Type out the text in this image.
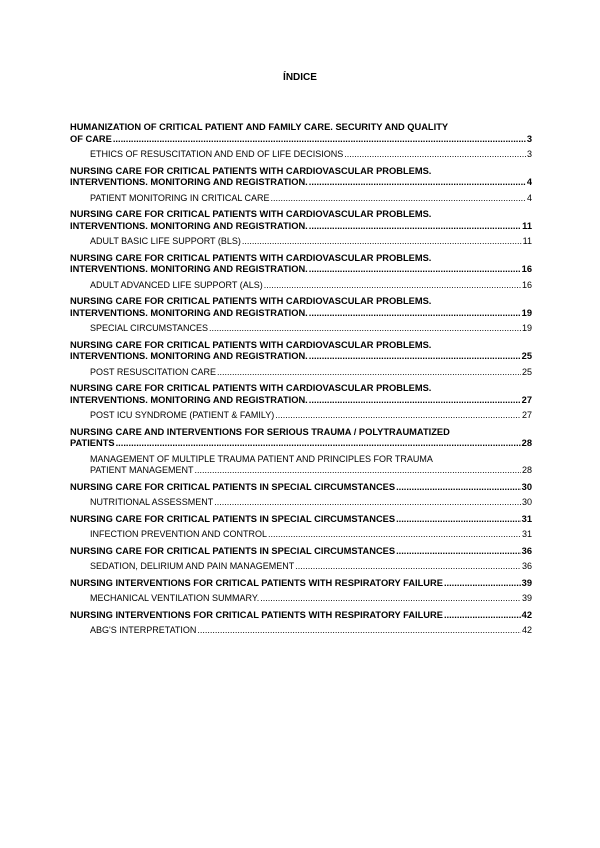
ÍNDICE
HUMANIZATION OF CRITICAL PATIENT AND FAMILY CARE. SECURITY AND QUALITY
OF CARE .....	3
ETHICS OF RESUSCITATION AND END OF LIFE DECISIONS .....	3
NURSING CARE FOR CRITICAL PATIENTS WITH CARDIOVASCULAR PROBLEMS.
INTERVENTIONS. MONITORING AND REGISTRATION. .....	4
PATIENT MONITORING IN CRITICAL CARE .....	4
NURSING CARE FOR CRITICAL PATIENTS WITH CARDIOVASCULAR PROBLEMS.
INTERVENTIONS. MONITORING AND REGISTRATION. .....	11
ADULT BASIC LIFE SUPPORT (BLS) .....	11
NURSING CARE FOR CRITICAL PATIENTS WITH CARDIOVASCULAR PROBLEMS.
INTERVENTIONS. MONITORING AND REGISTRATION. .....	16
ADULT ADVANCED LIFE SUPPORT (ALS) .....	16
NURSING CARE FOR CRITICAL PATIENTS WITH CARDIOVASCULAR PROBLEMS.
INTERVENTIONS. MONITORING AND REGISTRATION. .....	19
SPECIAL CIRCUMSTANCES .....	19
NURSING CARE FOR CRITICAL PATIENTS WITH CARDIOVASCULAR PROBLEMS.
INTERVENTIONS. MONITORING AND REGISTRATION. .....	25
POST RESUSCITATION CARE .....	25
NURSING CARE FOR CRITICAL PATIENTS WITH CARDIOVASCULAR PROBLEMS.
INTERVENTIONS. MONITORING AND REGISTRATION. .....	27
POST ICU SYNDROME (PATIENT & FAMILY) .....	27
NURSING CARE AND INTERVENTIONS FOR SERIOUS TRAUMA / POLYTRAUMATIZED
PATIENTS .....	28
MANAGEMENT OF MULTIPLE TRAUMA PATIENT AND PRINCIPLES FOR TRAUMA
PATIENT MANAGEMENT .....	28
NURSING CARE FOR CRITICAL PATIENTS IN SPECIAL CIRCUMSTANCES .....	30
NUTRITIONAL ASSESSMENT .....	30
NURSING CARE FOR CRITICAL PATIENTS IN SPECIAL CIRCUMSTANCES .....	31
INFECTION PREVENTION AND CONTROL .....	31
NURSING CARE FOR CRITICAL PATIENTS IN SPECIAL CIRCUMSTANCES .....	36
SEDATION, DELIRIUM AND PAIN MANAGEMENT .....	36
NURSING INTERVENTIONS FOR CRITICAL PATIENTS WITH RESPIRATORY FAILURE .....	39
MECHANICAL VENTILATION SUMMARY. .....	39
NURSING INTERVENTIONS FOR CRITICAL PATIENTS WITH RESPIRATORY FAILURE .....	42
ABG'S INTERPRETATION .....	42
